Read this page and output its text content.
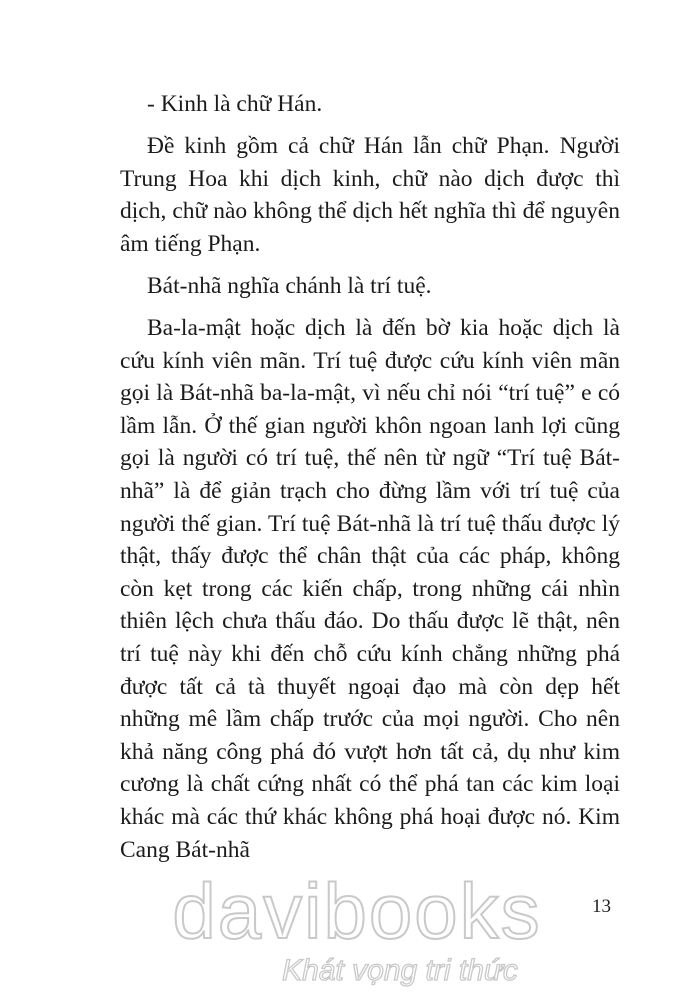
- Kinh là chữ Hán.

Đề kinh gồm cả chữ Hán lẫn chữ Phạn. Người Trung Hoa khi dịch kinh, chữ nào dịch được thì dịch, chữ nào không thể dịch hết nghĩa thì để nguyên âm tiếng Phạn.

Bát-nhã nghĩa chánh là trí tuệ.

Ba-la-mật hoặc dịch là đến bờ kia hoặc dịch là cứu kính viên mãn. Trí tuệ được cứu kính viên mãn gọi là Bát-nhã ba-la-mật, vì nếu chỉ nói “trí tuệ” e có lầm lẫn. Ở thế gian người khôn ngoan lanh lợi cũng gọi là người có trí tuệ, thế nên từ ngữ “Trí tuệ Bát-nhã” là để giản trạch cho đừng lầm với trí tuệ của người thế gian. Trí tuệ Bát-nhã là trí tuệ thấu được lý thật, thấy được thể chân thật của các pháp, không còn kẹt trong các kiến chấp, trong những cái nhìn thiên lệch chưa thấu đáo. Do thấu được lẽ thật, nên trí tuệ này khi đến chỗ cứu kính chẳng những phá được tất cả tà thuyết ngoại đạo mà còn dẹp hết những mê lầm chấp trước của mọi người. Cho nên khả năng công phá đó vượt hơn tất cả, dụ như kim cương là chất cứng nhất có thể phá tan các kim loại khác mà các thứ khác không phá hoại được nó. Kim Cang Bát-nhã

13
davibooks
Khát vọng tri thức
